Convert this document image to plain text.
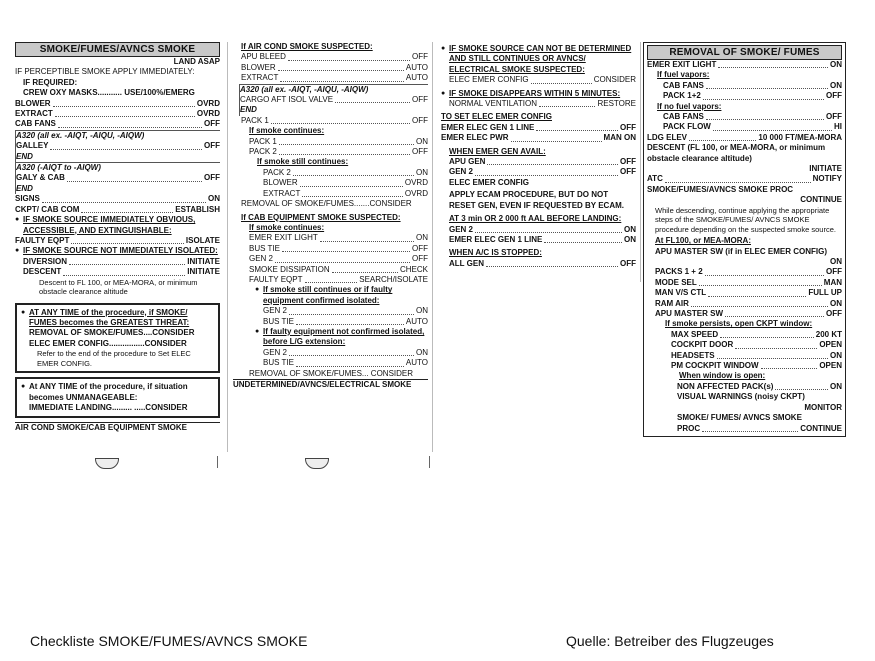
SMOKE/FUMES/AVNCS SMOKE
LAND ASAP
IF PERCEPTIBLE SMOKE APPLY IMMEDIATELY:
● IF REQUIRED:
CREW OXY MASKS........... USE/100%/EMERG
BLOWER	OVRD
EXTRACT	OVRD
CAB FANS	OFF
A320 (all ex. -AIQT, -AIQU, -AIQW)
GALLEY	OFF
END
A320 (-AIQT to -AIQW)
GALY & CAB	OFF
END
SIGNS	ON
CKPT/ CAB COM	ESTABLISH
● IF SMOKE SOURCE IMMEDIATELY OBVIOUS, ACCESSIBLE, AND EXTINGUISHABLE:
FAULTY EQPT	ISOLATE
● IF SMOKE SOURCE NOT IMMEDIATELY ISOLATED:
DIVERSION	INITIATE
DESCENT	INITIATE
Descent to FL 100, or MEA-MORA, or minimum obstacle clearance altitude
● AT ANY TIME of the procedure, if SMOKE/ FUMES becomes the GREATEST THREAT:
REMOVAL OF SMOKE/FUMES....CONSIDER
ELEC EMER CONFIG................CONSIDER
Refer to the end of the procedure to Set ELEC EMER CONFIG.
● At ANY TIME of the procedure, if situation becomes UNMANAGEABLE:
IMMEDIATE LANDING......... .....CONSIDER
AIR COND SMOKE/CAB EQUIPMENT SMOKE
● If AIR COND SMOKE SUSPECTED:
APU BLEED	OFF
BLOWER	AUTO
EXTRACT	AUTO
A320 (all ex. -AIQT, -AIQU, -AIQW)
CARGO AFT ISOL VALVE	OFF
END
PACK 1	OFF
● If smoke continues:
PACK 1	ON
PACK 2	OFF
● If smoke still continues:
PACK 2	ON
BLOWER	OVRD
EXTRACT	OVRD
REMOVAL OF SMOKE/FUMES.......CONSIDER
● If CAB EQUIPMENT SMOKE SUSPECTED:
● If smoke continues:
EMER EXIT LIGHT	ON
BUS TIE	OFF
GEN 2	OFF
SMOKE DISSIPATION	CHECK
FAULTY EQPT	SEARCH/ISOLATE
● If smoke still continues or if faulty equipment confirmed isolated:
GEN 2	ON
BUS TIE	AUTO
● If faulty equipment not confirmed isolated, before L/G extension:
GEN 2	ON
BUS TIE	AUTO
REMOVAL OF SMOKE/FUMES... CONSIDER
UNDETERMINED/AVNCS/ELECTRICAL SMOKE
● IF SMOKE SOURCE CAN NOT BE DETERMINED AND STILL CONTINUES OR AVNCS/ ELECTRICAL SMOKE SUSPECTED:
ELEC EMER CONFIG	CONSIDER
● IF SMOKE DISAPPEARS WITHIN 5 MINUTES:
NORMAL VENTILATION	RESTORE
TO SET ELEC EMER CONFIG
EMER ELEC GEN 1 LINE	OFF
EMER ELEC PWR	MAN ON
● WHEN EMER GEN AVAIL:
APU GEN	OFF
GEN 2	OFF
ELEC EMER CONFIG
APPLY ECAM PROCEDURE, BUT DO NOT RESET GEN, EVEN IF REQUESTED BY ECAM.
● AT 3 min OR 2 000 ft AAL BEFORE LANDING:
GEN 2	ON
EMER ELEC GEN 1 LINE	ON
● WHEN A/C IS STOPPED:
ALL GEN	OFF
REMOVAL OF SMOKE/ FUMES
EMER EXIT LIGHT	ON
■ If fuel vapors:
CAB FANS	ON
PACK 1+2	OFF
■ If no fuel vapors:
CAB FANS	OFF
PACK FLOW	HI
LDG ELEV	10 000 FT/MEA-MORA
DESCENT (FL 100, or MEA-MORA, or minimum obstacle clearance altitude)
INITIATE
ATC	NOTIFY
SMOKE/FUMES/AVNCS SMOKE PROC
CONTINUE
While descending, continue applying the appropriate steps of the SMOKE/FUMES/ AVNCS SMOKE procedure depending on the suspected smoke source.
● At FL100, or MEA-MORA:
APU MASTER SW (if in ELEC EMER CONFIG)
ON
PACKS 1 + 2	OFF
MODE SEL	MAN
MAN V/S CTL	FULL UP
RAM AIR	ON
APU MASTER SW	OFF
■ If smoke persists, open CKPT window:
MAX SPEED	200 KT
COCKPIT DOOR	OPEN
HEADSETS	ON
PM COCKPIT WINDOW	OPEN
● When window is open:
NON AFFECTED PACK(s)	ON
VISUAL WARNINGS (noisy CKPT)
MONITOR
SMOKE/ FUMES/ AVNCS SMOKE
PROC	CONTINUE
Checkliste SMOKE/FUMES/AVNCS SMOKE	Quelle: Betreiber des Flugzeuges
